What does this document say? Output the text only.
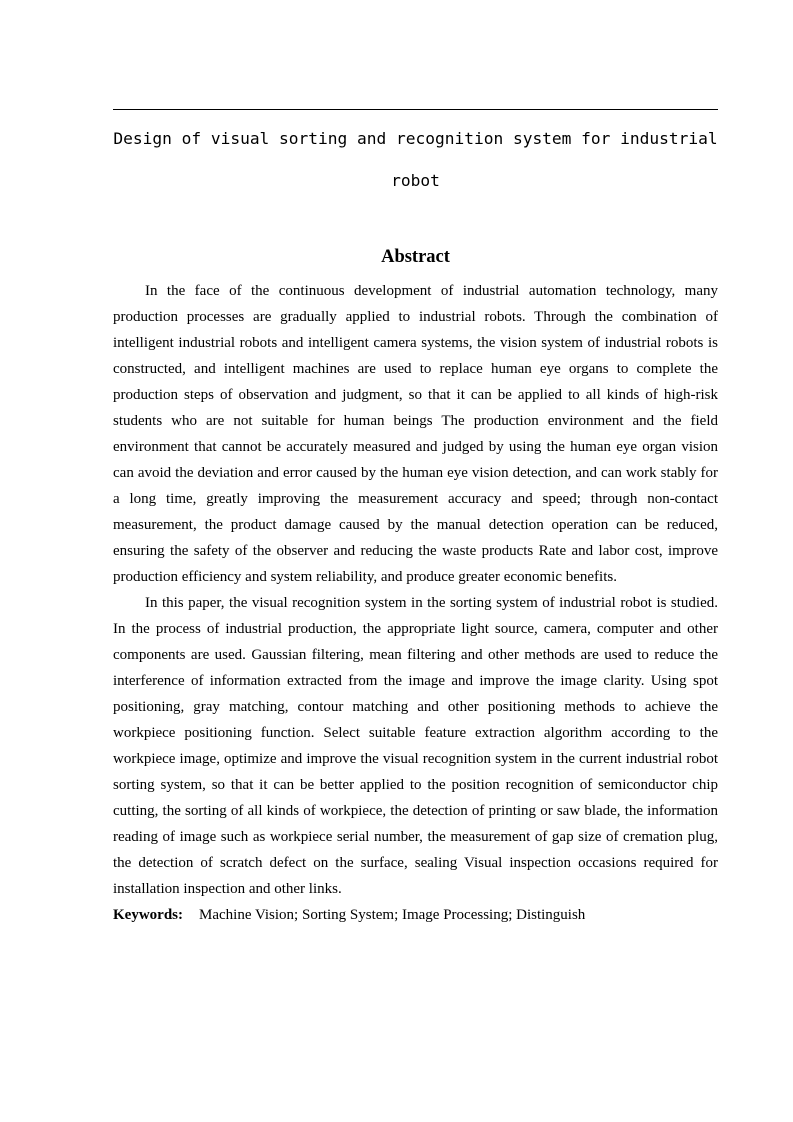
Design of visual sorting and recognition system for industrial
robot
Abstract

In the face of the continuous development of industrial automation technology, many production processes are gradually applied to industrial robots. Through the combination of intelligent industrial robots and intelligent camera systems, the vision system of industrial robots is constructed, and intelligent machines are used to replace human eye organs to complete the production steps of observation and judgment, so that it can be applied to all kinds of high-risk students who are not suitable for human beings The production environment and the field environment that cannot be accurately measured and judged by using the human eye organ vision can avoid the deviation and error caused by the human eye vision detection, and can work stably for a long time, greatly improving the measurement accuracy and speed; through non-contact measurement, the product damage caused by the manual detection operation can be reduced, ensuring the safety of the observer and reducing the waste products Rate and labor cost, improve production efficiency and system reliability, and produce greater economic benefits.

In this paper, the visual recognition system in the sorting system of industrial robot is studied. In the process of industrial production, the appropriate light source, camera, computer and other components are used. Gaussian filtering, mean filtering and other methods are used to reduce the interference of information extracted from the image and improve the image clarity. Using spot positioning, gray matching, contour matching and other positioning methods to achieve the workpiece positioning function. Select suitable feature extraction algorithm according to the workpiece image, optimize and improve the visual recognition system in the current industrial robot sorting system, so that it can be better applied to the position recognition of semiconductor chip cutting, the sorting of all kinds of workpiece, the detection of printing or saw blade, the information reading of image such as workpiece serial number, the measurement of gap size of cremation plug, the detection of scratch defect on the surface, sealing Visual inspection occasions required for installation inspection and other links.

Keywords: Machine Vision; Sorting System; Image Processing; Distinguish
